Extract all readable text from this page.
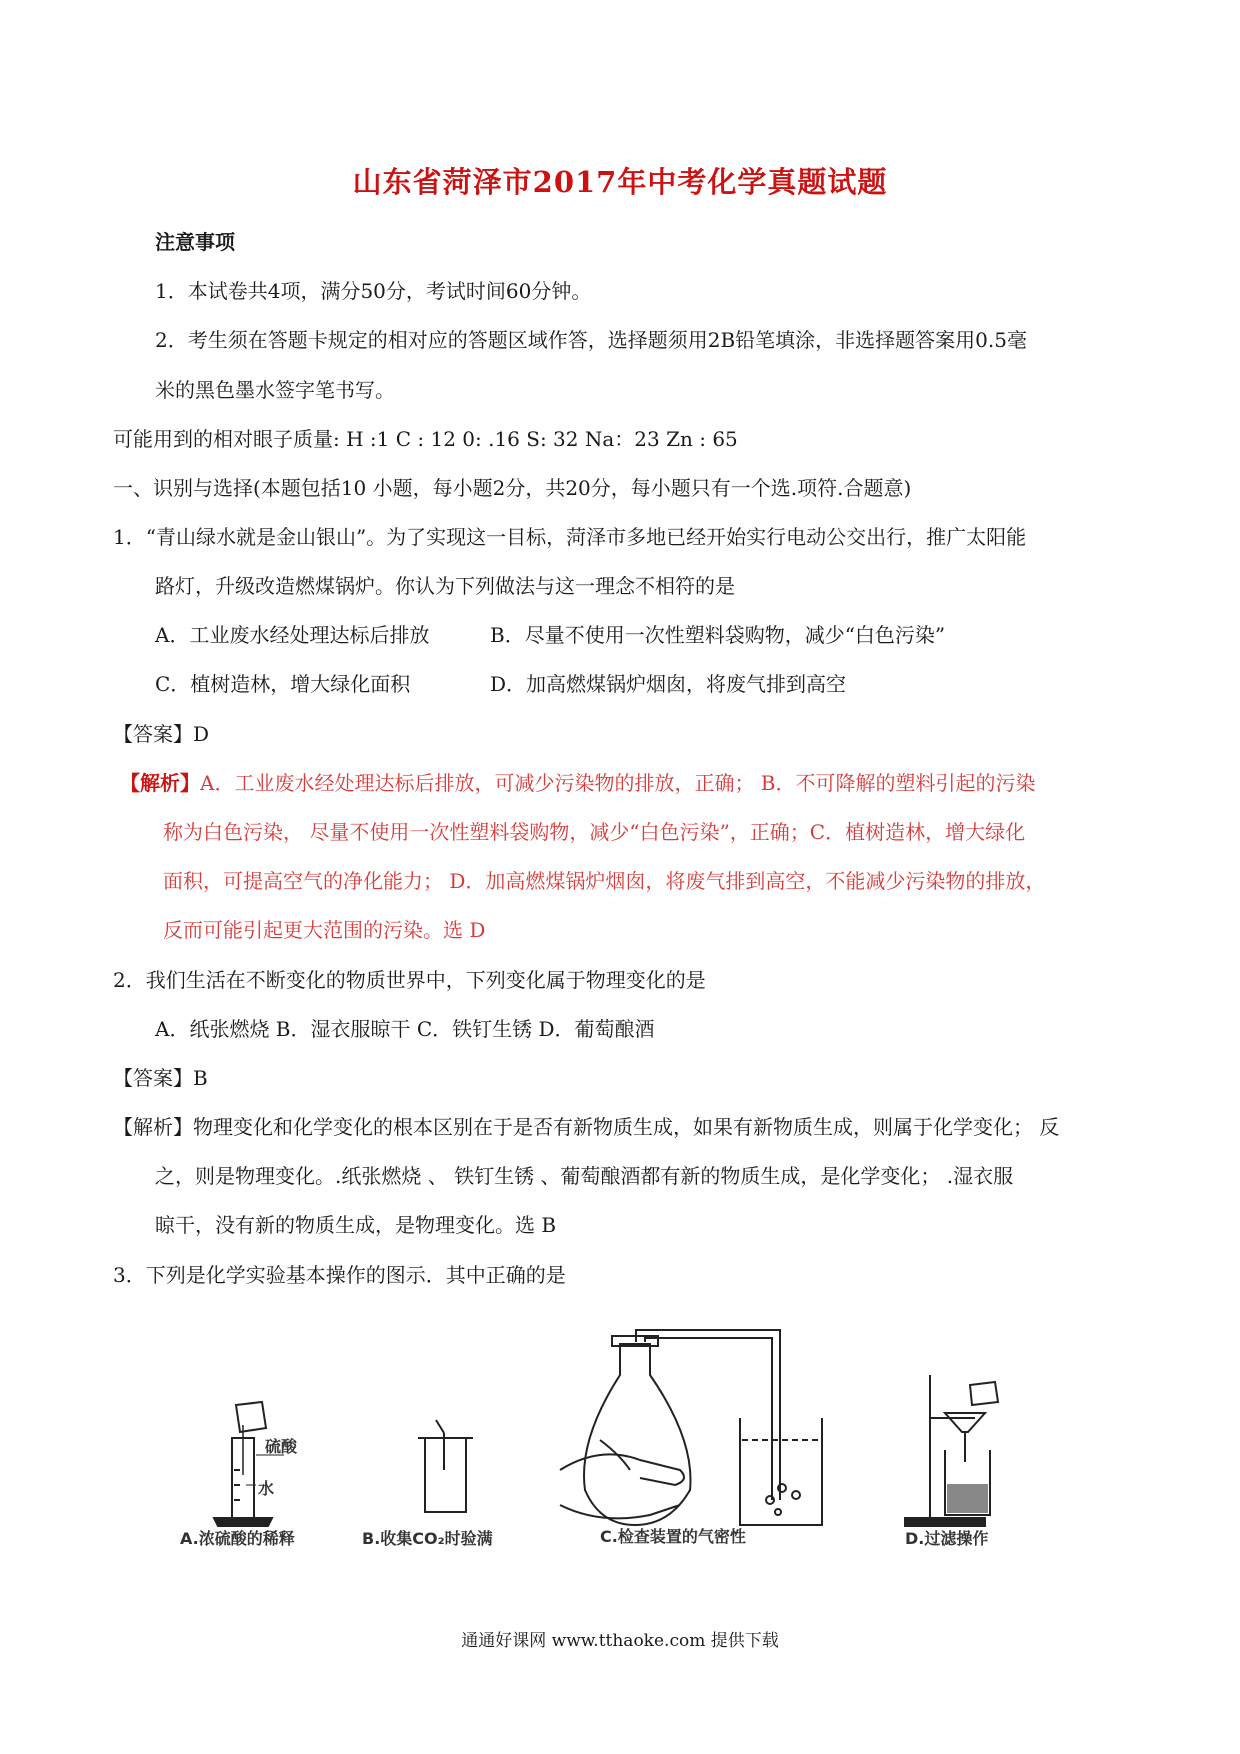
山东省菏泽市2017年中考化学真题试题
注意事项
1．本试卷共4项，满分50分，考试时间60分钟。
2．考生须在答题卡规定的相对应的答题区域作答，选择题须用2B铅笔填涂，非选择题答案用0.5毫
米的黑色墨水签字笔书写。
可能用到的相对眼子质量: H :1 C : 12 0: .16 S: 32 Na：23 Zn : 65
一、识别与选择(本题包括10 小题，每小题2分，共20分，每小题只有一个选.项符.合题意)
1．“青山绿水就是金山银山”。为了实现这一目标，菏泽市多地已经开始实行电动公交出行，推广太阳能
路灯，升级改造燃煤锅炉。你认为下列做法与这一理念不相符的是
A．工业废水经处理达标后排放	B．尽量不使用一次性塑料袋购物，减少“白色污染”
C．植树造林，增大绿化面积	D．加高燃煤锅炉烟囱，将废气排到高空
【答案】D
【解析】A．工业废水经处理达标后排放，可减少污染物的排放，正确； B．不可降解的塑料引起的污染
称为白色污染， 尽量不使用一次性塑料袋购物，减少“白色污染”，正确；C．植树造林，增大绿化
面积，可提高空气的净化能力； D．加高燃煤锅炉烟囱，将废气排到高空，不能减少污染物的排放，
反而可能引起更大范围的污染。选 D
2．我们生活在不断变化的物质世界中，下列变化属于物理变化的是
A．纸张燃烧 B．湿衣服晾干 C．铁钉生锈 D．葡萄酿酒
【答案】B
【解析】物理变化和化学变化的根本区别在于是否有新物质生成，如果有新物质生成，则属于化学变化； 反
之，则是物理变化。.纸张燃烧 、 铁钉生锈 、葡萄酿酒都有新的物质生成，是化学变化； .湿衣服
晾干，没有新的物质生成，是物理变化。选 B
3．下列是化学实验基本操作的图示．其中正确的是
A.浓硫酸的稀释
硫酸
水
B.收集CO₂时验满	C.检查装置的气密性	D.过滤操作
通通好课网 www.tthaoke.com 提供下载
